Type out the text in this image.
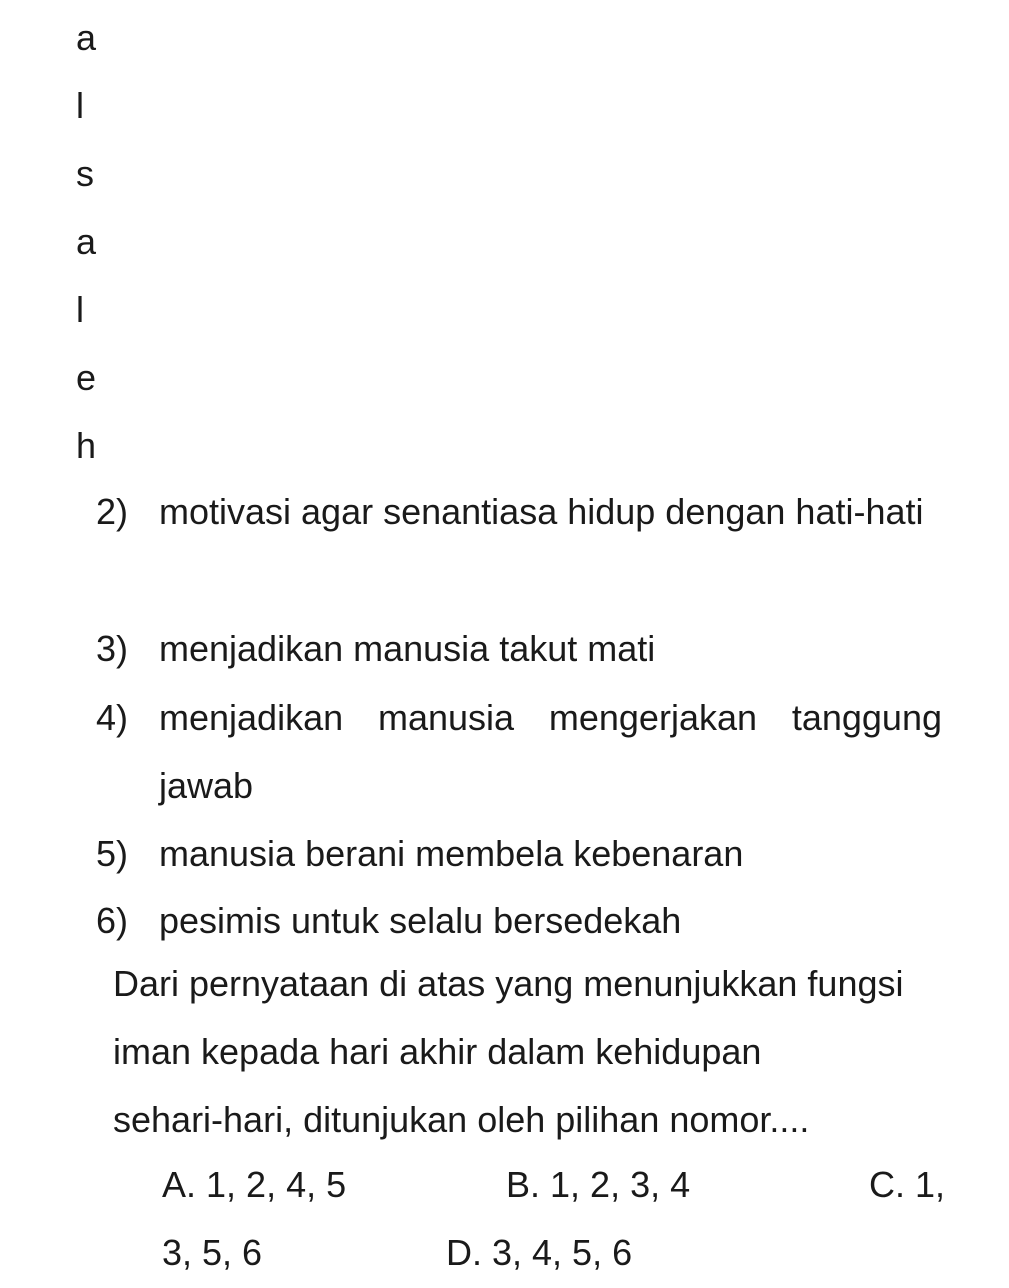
a
l
s
a
l
e
h
2) motivasi agar senantiasa hidup dengan hati-hati
3) menjadikan manusia takut mati
4) menjadikan manusia mengerjakan tanggung jawab
5) manusia berani membela kebenaran
6) pesimis untuk selalu bersedekah
Dari pernyataan di atas yang menunjukkan fungsi
iman kepada hari akhir dalam kehidupan
sehari-hari, ditunjukan oleh pilihan nomor....
A. 1, 2, 4, 5	B. 1, 2, 3, 4	C. 1,
3, 5, 6	D. 3, 4, 5, 6
